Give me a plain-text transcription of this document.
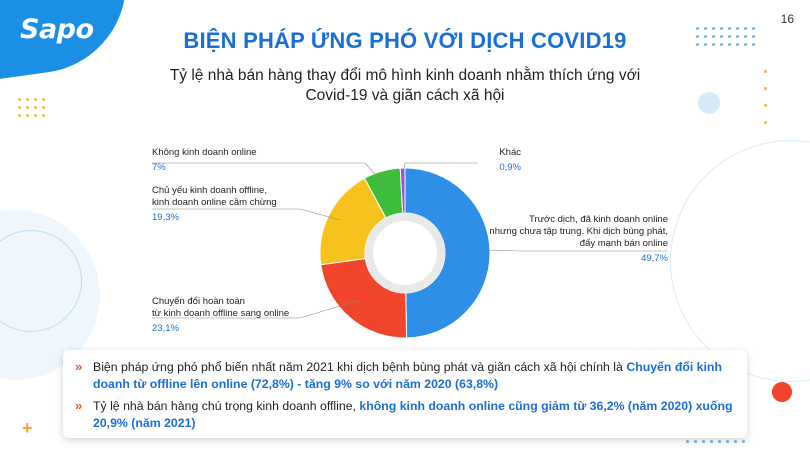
+
Sapo	16
BIỆN PHÁP ỨNG PHÓ VỚI DỊCH COVID19
Tỷ lệ nhà bán hàng thay đổi mô hình kinh doanh nhằm thích ứng với Covid-19 và giãn cách xã hội
Khác
0,9%
Không kinh doanh online
7%
Chủ yếu kinh doanh offline,
kinh doanh online cầm chừng
19,3%
Chuyển đổi hoàn toàn
từ kinh doanh offline sang online
23,1%
Trước dịch, đã kinh doanh online
nhưng chưa tập trung. Khi dịch bùng phát,
đẩy mạnh bán online
49,7%
» Biện pháp ứng phó phổ biến nhất năm 2021 khi dịch bệnh bùng phát và giãn cách xã hội chính là Chuyển đổi kinh doanh từ offline lên online (72,8%) - tăng 9% so với năm 2020 (63,8%)
» Tỷ lệ nhà bán hàng chú trọng kinh doanh offline, không kinh doanh online cũng giảm từ 36,2% (năm 2020) xuống 20,9% (năm 2021)
